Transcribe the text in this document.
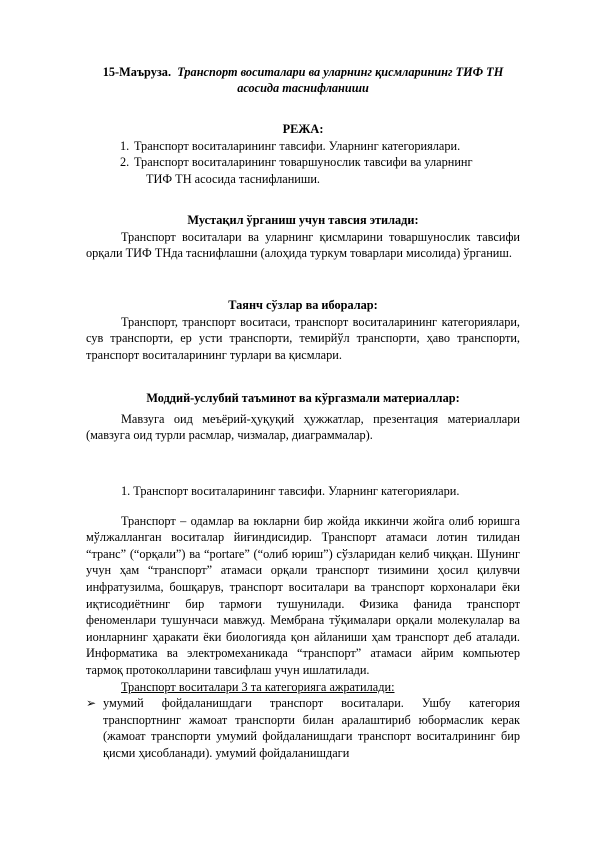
15-Маъруза. Транспорт воситалари ва уларнинг қисмларининг ТИФ ТН
асосида таснифланиши

РЕЖА:

1. Транспорт воситаларининг тавсифи. Уларнинг категориялари.
2. Транспорт воситаларининг товаршунослик тавсифи ва уларнинг
ТИФ ТН асосида таснифланиши.

Мустақил ўрганиш учун тавсия этилади:

Транспорт воситалари ва уларнинг қисмларини товаршунослик тавсифи орқали ТИФ ТНда таснифлашни (алоҳида туркум товарлари мисолида) ўрганиш.

Таянч сўзлар ва иборалар:

Транспорт, транспорт воситаси, транспорт воситаларининг категориялари, сув транспорти, ер усти транспорти, темирйўл транспорти, ҳаво транспорти, транспорт воситаларининг турлари ва қисмлари.

Моддий-услубий таъминот ва кўргазмали материаллар:

Мавзуга оид меъёрий-ҳуқуқий ҳужжатлар, презентация материаллари (мавзуга оид турли расмлар, чизмалар, диаграммалар).

1. Транспорт воситаларининг тавсифи. Уларнинг категориялари.

Транспорт – одамлар ва юкларни бир жойда иккинчи жойга олиб юришга мўлжалланган воситалар йиғиндисидир. Транспорт атамаси лотин тилидан “транс” (“орқали”) ва “portare” (“олиб юриш”) сўзларидан келиб чиққан. Шунинг учун ҳам “транспорт” атамаси орқали транспорт тизимини ҳосил қилувчи инфратузилма, бошқарув, транспорт воситалари ва транспорт корхоналари ёки иқтисодиётнинг бир тармоғи тушунилади. Физика фанида транспорт феноменлари тушунчаси мавжуд. Мембрана тўқималари орқали молекулалар ва ионларнинг ҳаракати ёки биологияда қон айланиши ҳам транспорт деб аталади. Информатика ва электромеханикада “транспорт” атамаси айрим компьютер тармоқ протоколларини тавсифлаш учун ишлатилади.

Транспорт воситалари 3 та категорияга ажратилади:

➢ умумий фойдаланишдаги транспорт воситалари. Ушбу категория транспортнинг жамоат транспорти билан аралаштириб юбормаслик керак (жамоат транспорти умумий фойдаланишдаги транспорт воситалрининг бир қисми ҳисобланади). умумий фойдаланишдаги
